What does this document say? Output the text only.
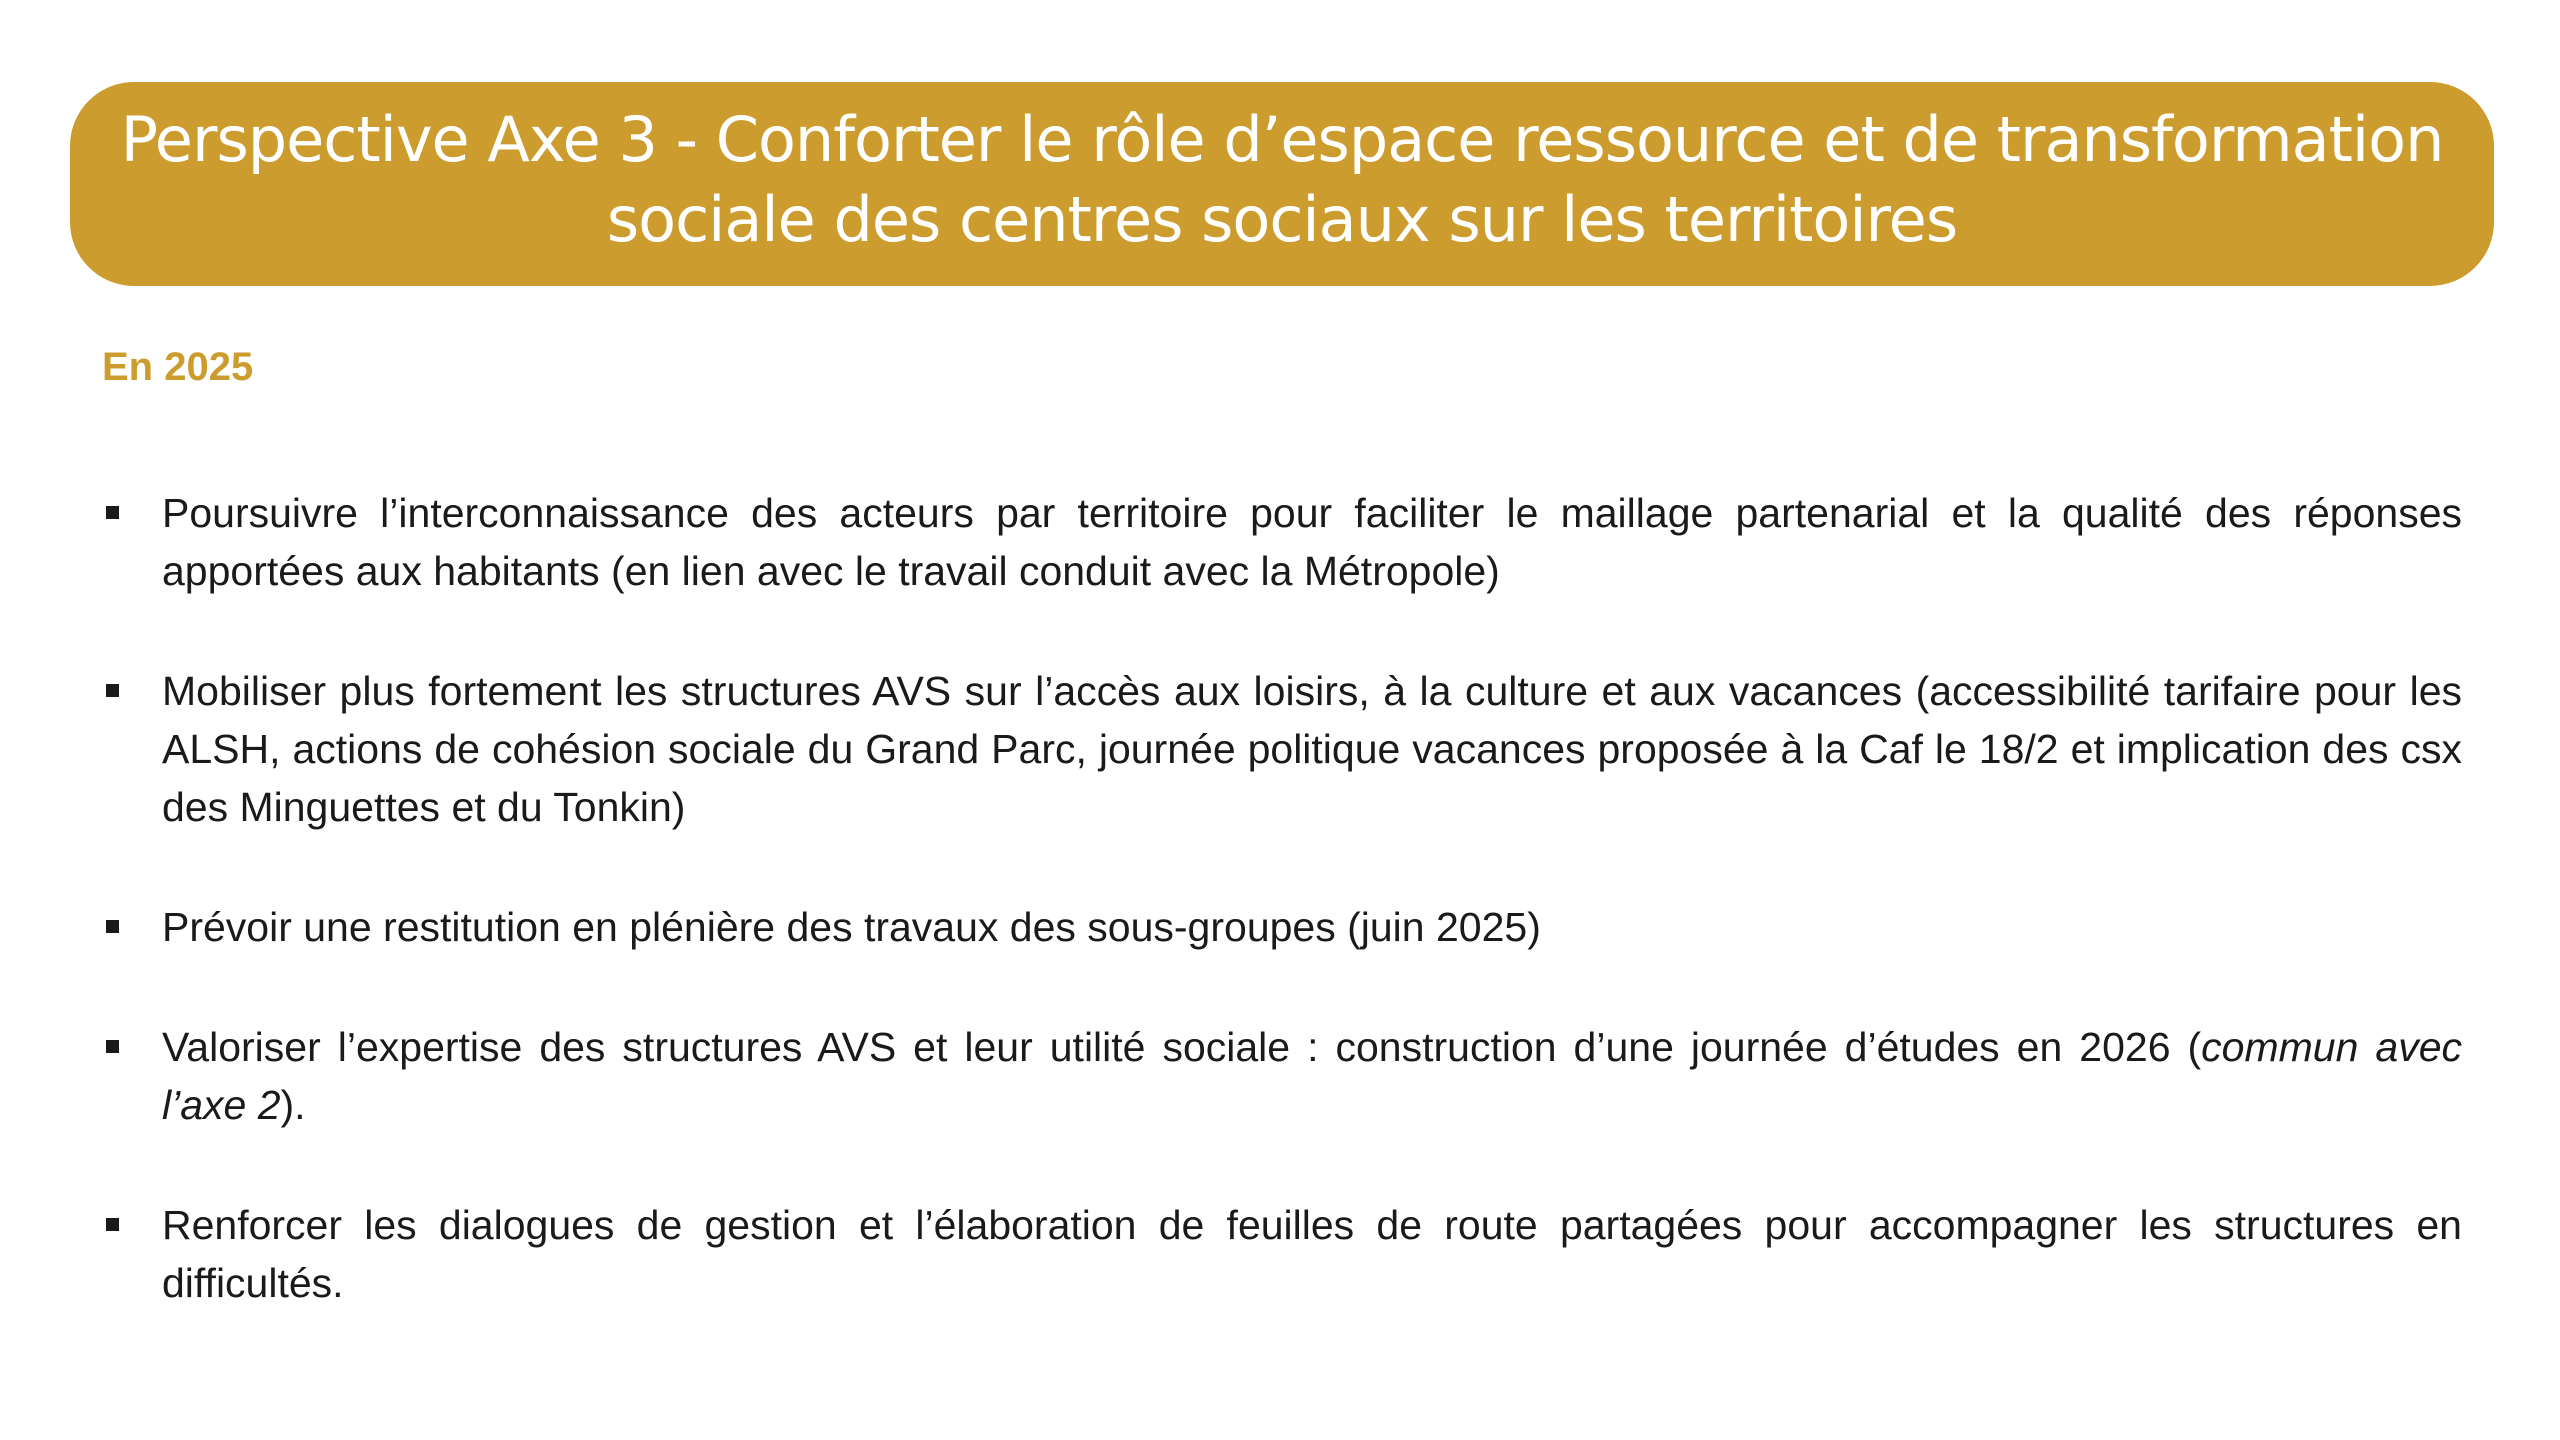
Perspective Axe 3 - Conforter le rôle d’espace ressource et de transformation
sociale des centres sociaux sur les territoires
En 2025
Poursuivre l’interconnaissance des acteurs par territoire pour faciliter le maillage partenarial et la qualité des réponses apportées aux habitants (en lien avec le travail conduit avec la Métropole)
Mobiliser plus fortement les structures AVS sur l’accès aux loisirs, à la culture et aux vacances (accessibilité tarifaire pour les ALSH, actions de cohésion sociale du Grand Parc, journée politique vacances proposée à la Caf le 18/2 et implication des csx des Minguettes et du Tonkin)
Prévoir une restitution en plénière des travaux des sous-groupes (juin 2025)
Valoriser l’expertise des structures AVS et leur utilité sociale : construction d’une journée d’études en 2026 (commun avec l’axe 2).
Renforcer les dialogues de gestion et l’élaboration de feuilles de route partagées pour accompagner les structures en difficultés.
